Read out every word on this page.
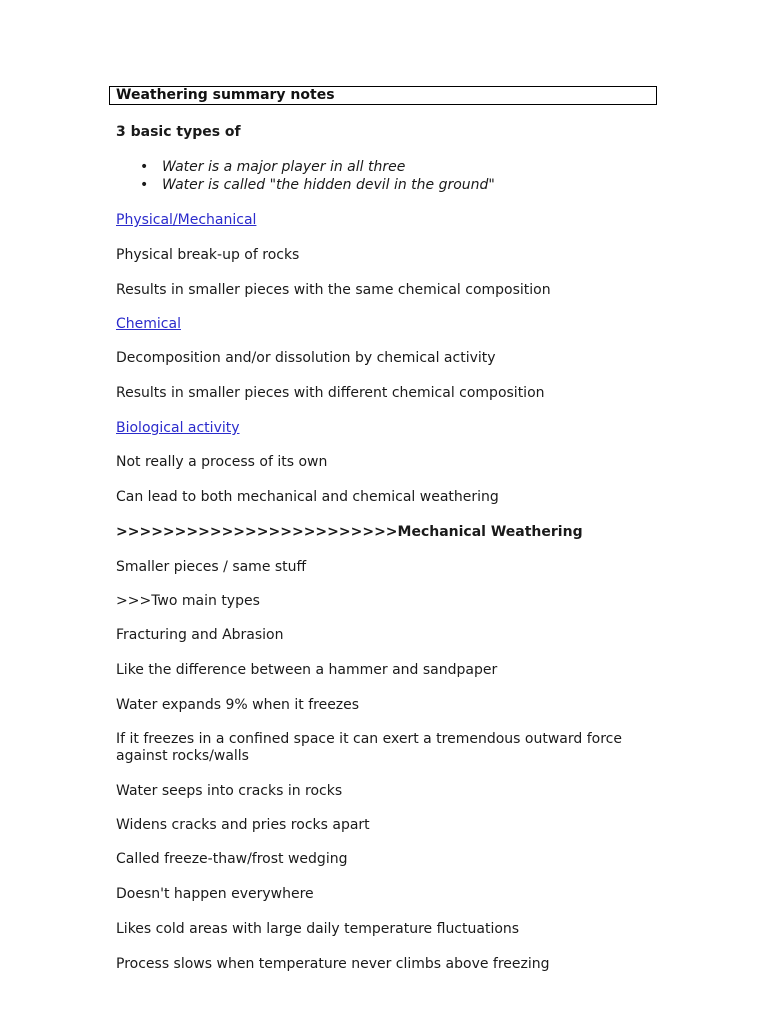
Weathering summary notes
3 basic types of
• Water is a major player in all three
• Water is called "the hidden devil in the ground"
Physical/Mechanical
Physical break-up of rocks
Results in smaller pieces with the same chemical composition
Chemical
Decomposition and/or dissolution by chemical activity
Results in smaller pieces with different chemical composition
Biological activity
Not really a process of its own
Can lead to both mechanical and chemical weathering
>>>>>>>>>>>>>>>>>>>>>>>>Mechanical Weathering
Smaller pieces / same stuff
>>>Two main types
Fracturing and Abrasion
Like the difference between a hammer and sandpaper
Water expands 9% when it freezes
If it freezes in a confined space it can exert a tremendous outward force against rocks/walls
Water seeps into cracks in rocks
Widens cracks and pries rocks apart
Called freeze-thaw/frost wedging
Doesn't happen everywhere
Likes cold areas with large daily temperature fluctuations
Process slows when temperature never climbs above freezing
